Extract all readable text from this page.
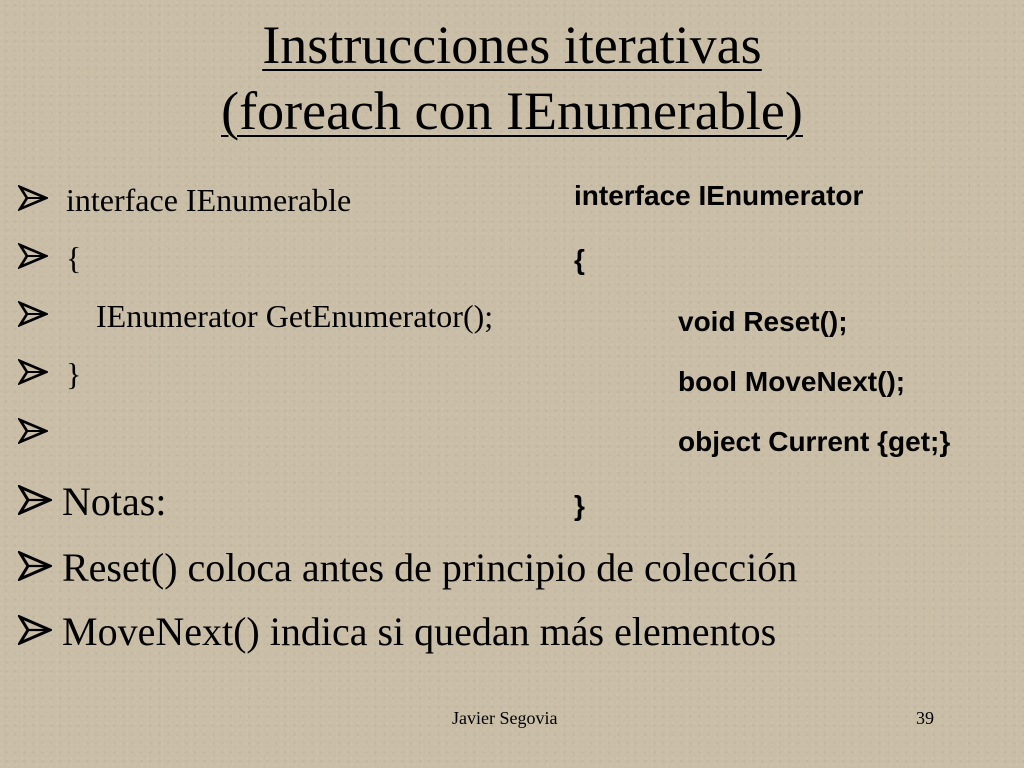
Instrucciones iterativas
(foreach con IEnumerable)
interface IEnumerable
{
IEnumerator GetEnumerator();
}
Notas:
Reset() coloca antes de principio de colección
MoveNext() indica si quedan más elementos
interface IEnumerator
{
void Reset();
bool MoveNext();
object Current {get;}
}
Javier Segovia	39
